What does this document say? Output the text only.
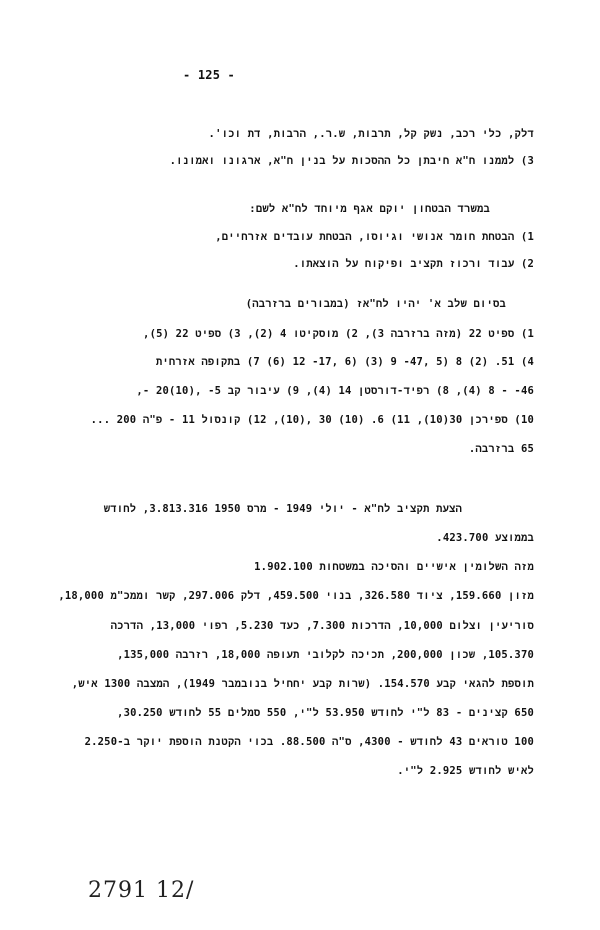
- 125 -
דלק, כלי רכב, נשק קל, תרבות, ש.ר., הרבות, דת וכו'.
3) לממנו ח"א חיבתן כל ההסכות על בנין ח"א, ארגונו ואמונו.
במשרד הבטחון יוקם אגף מיוחד לח"א לשם:
1) הבטחת חומר אנושי וגיוסו, הבטחת עובדים אזרחיים,
2) עבוד ורכוז תקציב ופיקוח על הוצאתו.
בסיום שלב א' יהיו לח"אז (במבורים ברזרבה)
1) ספיט 22 (מזה ברזרבה 3), 2) מוסקיטו 4 (2), 3) ספיט 22 (5),
4) 51. (2) 8 (5 ,47- 9 (3) (6 ,17- 12 (6) 7) בתקופה אזרחית
46- - 8 (4), 8) רפיד-דורסטן 14 (4), 9) עיבור קב 5- ,(10)20 -,
10) ספירכן 30(10), 11) 6. (10) 30 ,(10), 12) קונסול 11 - פ"ה 200 ...
65 ברזרבה.
הצעת תקציב לח"א - יולי 1949 - מרס 1950 3.813.316, לחודש
בממוצע 423.700.
מזה השלומין אישיים והסיכה במשטחות 1.902.100
מזון 159.660, ציוד 326.580, בנוי 459.500, דלק 297.006, קשר וממכ"מ 18,000,
סוריעין וצלום 10,000, הדרכות 7.300, כעד 5.230, רפוי 13,000, הדרכה
105.370, שכון 200,000, תכיכה לקלובי תעופה 18,000, רזרבה 135,000,
תוספת להגאי קבע 154.570. (שרות קבע יחחיל בנובמבר 1949), המצבה 1300 איש,
650 קצינים - 83 ל"י לחודש 53.950 ל"י, 550 סמלים 55 לחודש 30.250,
100 טוראים 43 לחודש - 4300, ס"ה 88.500. בכוי הקטנת הוספת יוקר ב-2.250
לאיש לחודש 2.925 ל"י.
2791 12/
